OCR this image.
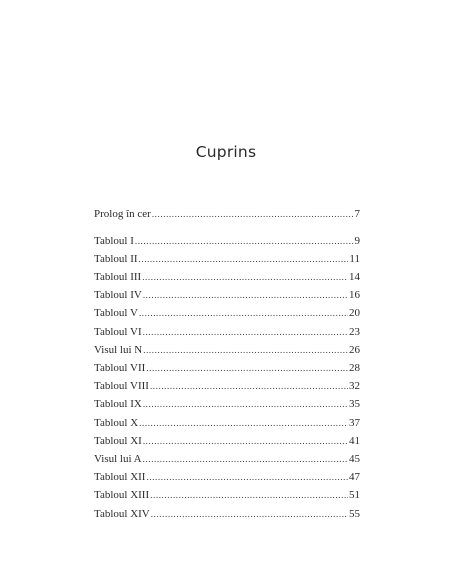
Cuprins
Prolog în cer .....	7
Tabloul I .....	9
Tabloul II .....	11
Tabloul III .....	14
Tabloul IV .....	16
Tabloul V .....	20
Tabloul VI .....	23
Visul lui N .....	26
Tabloul VII .....	28
Tabloul VIII .....	32
Tabloul IX .....	35
Tabloul X .....	37
Tabloul XI .....	41
Visul lui A .....	45
Tabloul XII .....	47
Tabloul XIII .....	51
Tabloul XIV .....	55
